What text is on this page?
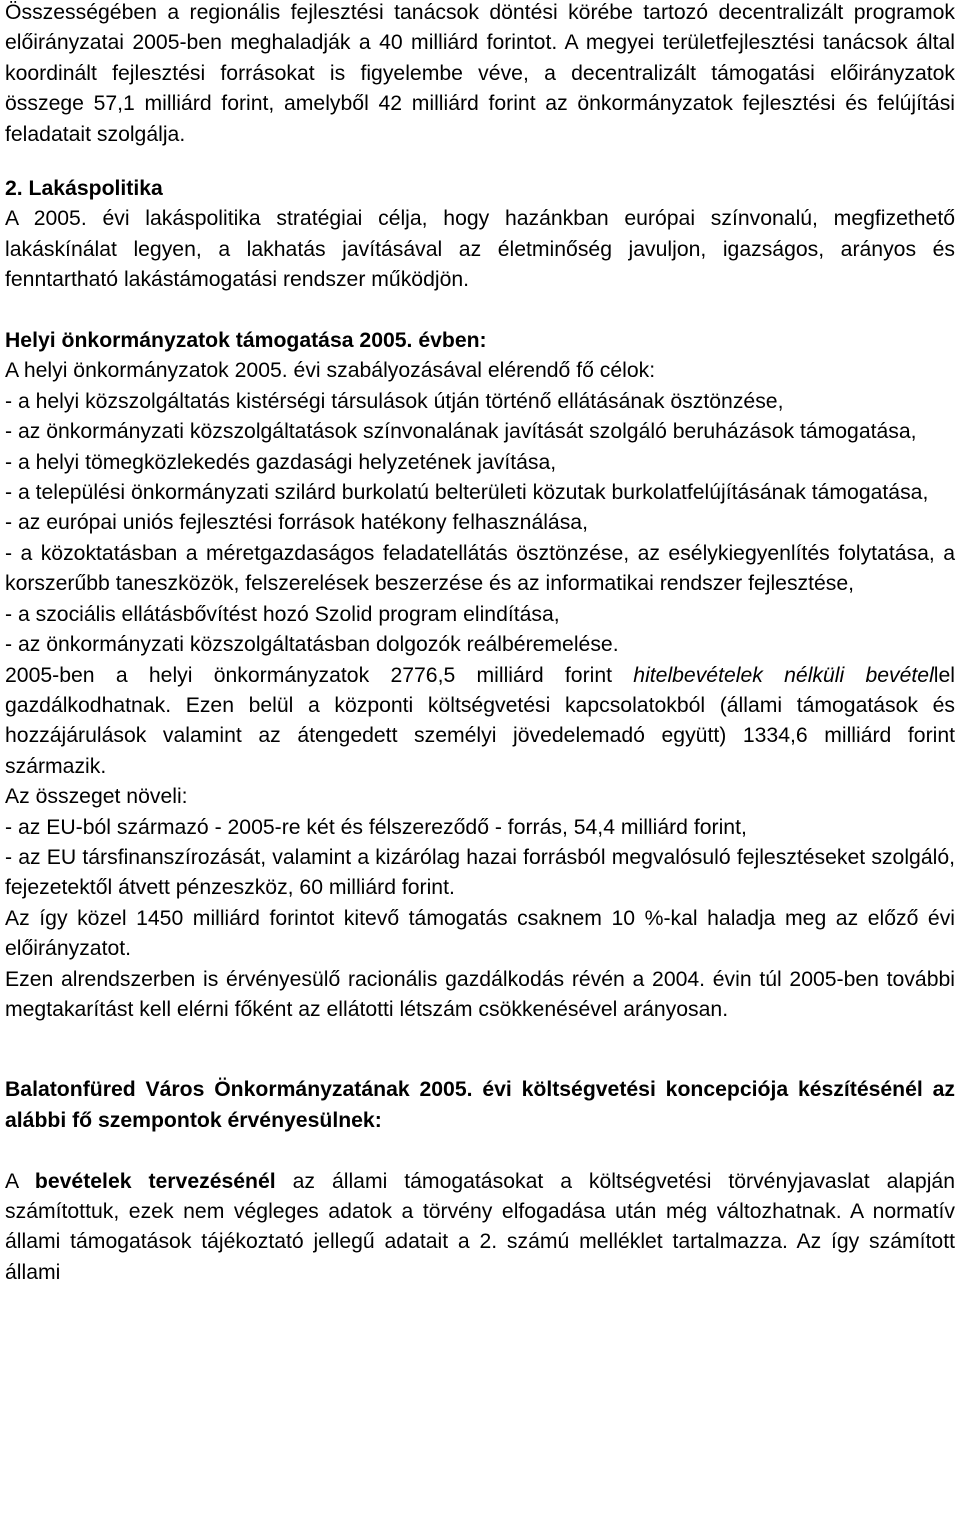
Összességében a regionális fejlesztési tanácsok döntési körébe tartozó decentralizált programok előirányzatai 2005-ben meghaladják a 40 milliárd forintot. A megyei területfejlesztési tanácsok által koordinált fejlesztési forrásokat is figyelembe véve, a decentralizált támogatási előirányzatok összege 57,1 milliárd forint, amelyből 42 milliárd forint az önkormányzatok fejlesztési és felújítási feladatait szolgálja.

2. Lakáspolitika

A 2005. évi lakáspolitika stratégiai célja, hogy hazánkban európai színvonalú, megfizethető lakáskínálat legyen, a lakhatás javításával az életminőség javuljon, igazságos, arányos és fenntartható lakástámogatási rendszer működjön.

Helyi önkormányzatok támogatása 2005. évben:

A helyi önkormányzatok 2005. évi szabályozásával elérendő fő célok:

- a helyi közszolgáltatás kistérségi társulások útján történő ellátásának ösztönzése,

- az önkormányzati közszolgáltatások színvonalának javítását szolgáló beruházások támogatása,

- a helyi tömegközlekedés gazdasági helyzetének javítása,

- a települési önkormányzati szilárd burkolatú belterületi közutak burkolatfelújításának támogatása,

- az európai uniós fejlesztési források hatékony felhasználása,

- a közoktatásban a méretgazdaságos feladatellátás ösztönzése, az esélykiegyenlítés folytatása, a korszerűbb taneszközök, felszerelések beszerzése és az informatikai rendszer fejlesztése,

- a szociális ellátásbővítést hozó Szolid program elindítása,

- az önkormányzati közszolgáltatásban dolgozók reálbéremelése.

2005-ben a helyi önkormányzatok 2776,5 milliárd forint hitelbevételek nélküli bevétellel gazdálkodhatnak. Ezen belül a központi költségvetési kapcsolatokból (állami támogatások és hozzájárulások valamint az átengedett személyi jövedelemadó együtt) 1334,6 milliárd forint származik.

Az összeget növeli:

- az EU-ból származó - 2005-re két és félszereződő - forrás, 54,4 milliárd forint,

- az EU társfinanszírozását, valamint a kizárólag hazai forrásból megvalósuló fejlesztéseket szolgáló, fejezetektől átvett pénzeszköz, 60 milliárd forint.

Az így közel 1450 milliárd forintot kitevő támogatás csaknem 10 %-kal haladja meg az előző évi előirányzatot.

Ezen alrendszerben is érvényesülő racionális gazdálkodás révén a 2004. évin túl 2005-ben további megtakarítást kell elérni főként az ellátotti létszám csökkenésével arányosan.

Balatonfüred Város Önkormányzatának 2005. évi költségvetési koncepciója készítésénél az alábbi fő szempontok érvényesülnek:

A bevételek tervezésénél az állami támogatásokat a költségvetési törvényjavaslat alapján számítottuk, ezek nem végleges adatok a törvény elfogadása után még változhatnak. A normatív állami támogatások tájékoztató jellegű adatait a 2. számú melléklet tartalmazza. Az így számított állami
